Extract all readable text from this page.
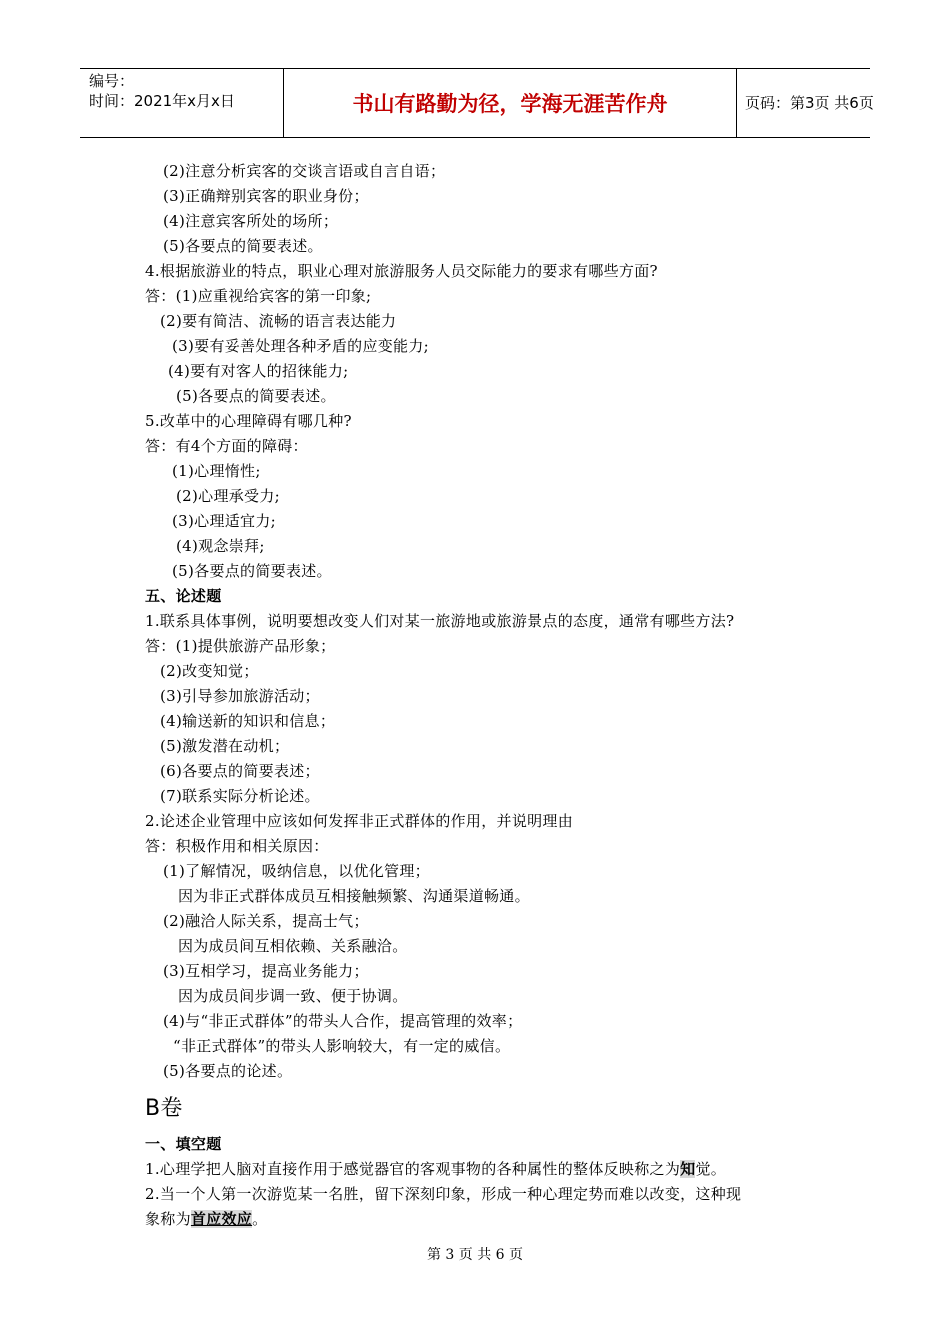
编号：
时间：2021年x月x日	书山有路勤为径，学海无涯苦作舟	页码：第3页 共6页
(2)注意分析宾客的交谈言语或自言自语；
(3)正确辩别宾客的职业身份；
(4)注意宾客所处的场所；
(5)各要点的简要表述。
4.根据旅游业的特点，职业心理对旅游服务人员交际能力的要求有哪些方面?
答：(1)应重视给宾客的第一印象;
(2)要有简洁、流畅的语言表达能力
(3)要有妥善处理各种矛盾的应变能力;
(4)要有对客人的招徕能力;
(5)各要点的简要表述。
5.改革中的心理障碍有哪几种?
答：有4个方面的障碍：
(1)心理惰性;
(2)心理承受力;
(3)心理适宜力;
(4)观念崇拜;
(5)各要点的简要表述。
五、论述题
1.联系具体事例，说明要想改变人们对某一旅游地或旅游景点的态度，通常有哪些方法?
答：(1)提供旅游产品形象；
(2)改变知觉；
(3)引导参加旅游活动；
(4)输送新的知识和信息；
(5)激发潜在动机；
(6)各要点的简要表述；
(7)联系实际分析论述。
2.论述企业管理中应该如何发挥非正式群体的作用，并说明理由
答：积极作用和相关原因：
(1)了解情况，吸纳信息，以优化管理；
因为非正式群体成员互相接触频繁、沟通渠道畅通。
(2)融洽人际关系，提高士气；
因为成员间互相依赖、关系融洽。
(3)互相学习，提高业务能力；
因为成员间步调一致、便于协调。
(4)与“非正式群体”的带头人合作，提高管理的效率；
“非正式群体”的带头人影响较大，有一定的威信。
(5)各要点的论述。
B卷
一、填空题
1.心理学把人脑对直接作用于感觉器官的客观事物的各种属性的整体反映称之为知觉。
2.当一个人第一次游览某一名胜，留下深刻印象，形成一种心理定势而难以改变，这种现
象称为首应效应。
第 3 页 共 6 页
